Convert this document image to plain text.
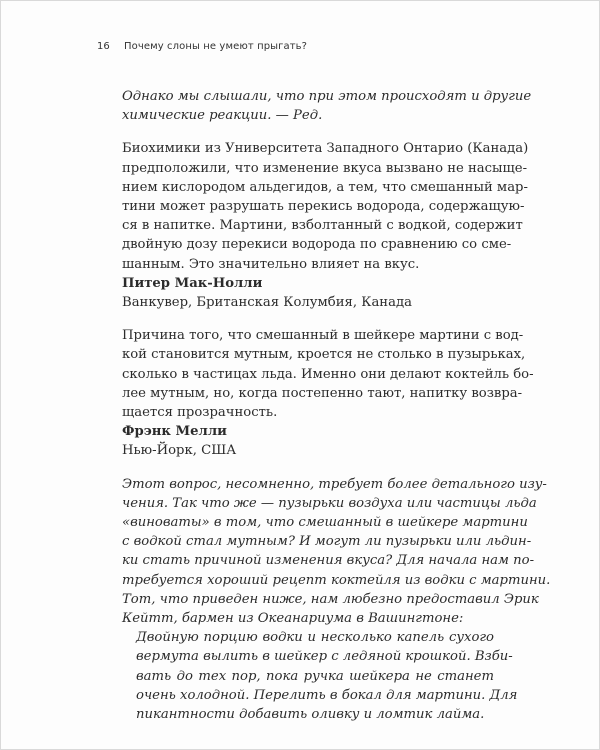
16 Почему слоны не умеют прыгать?
Однако мы слышали, что при этом происходят и другие
химические реакции. — Ред.
Биохимики из Университета Западного Онтарио (Канада)
предположили, что изменение вкуса вызвано не насыще-
нием кислородом альдегидов, а тем, что смешанный мар-
тини может разрушать перекись водорода, содержащую-
ся в напитке. Мартини, взболтанный с водкой, содержит
двойную дозу перекиси водорода по сравнению со сме-
шанным. Это значительно влияет на вкус.
Питер Мак-Нолли
Ванкувер, Британская Колумбия, Канада
Причина того, что смешанный в шейкере мартини с вод-
кой становится мутным, кроется не столько в пузырьках,
сколько в частицах льда. Именно они делают коктейль бо-
лее мутным, но, когда постепенно тают, напитку возвра-
щается прозрачность.
Фрэнк Мелли
Нью-Йорк, США
Этот вопрос, несомненно, требует более детального изу-
чения. Так что же — пузырьки воздуха или частицы льда
«виноваты» в том, что смешанный в шейкере мартини
с водкой стал мутным? И могут ли пузырьки или льдин-
ки стать причиной изменения вкуса? Для начала нам по-
требуется хороший рецепт коктейля из водки с мартини.
Тот, что приведен ниже, нам любезно предоставил Эрик
Кейтт, бармен из Океанариума в Вашингтоне:
Двойную порцию водки и несколько капель сухого
вермута вылить в шейкер с ледяной крошкой. Взби-
вать до тех пор, пока ручка шейкера не станет
очень холодной. Перелить в бокал для мартини. Для
пикантности добавить оливку и ломтик лайма.
